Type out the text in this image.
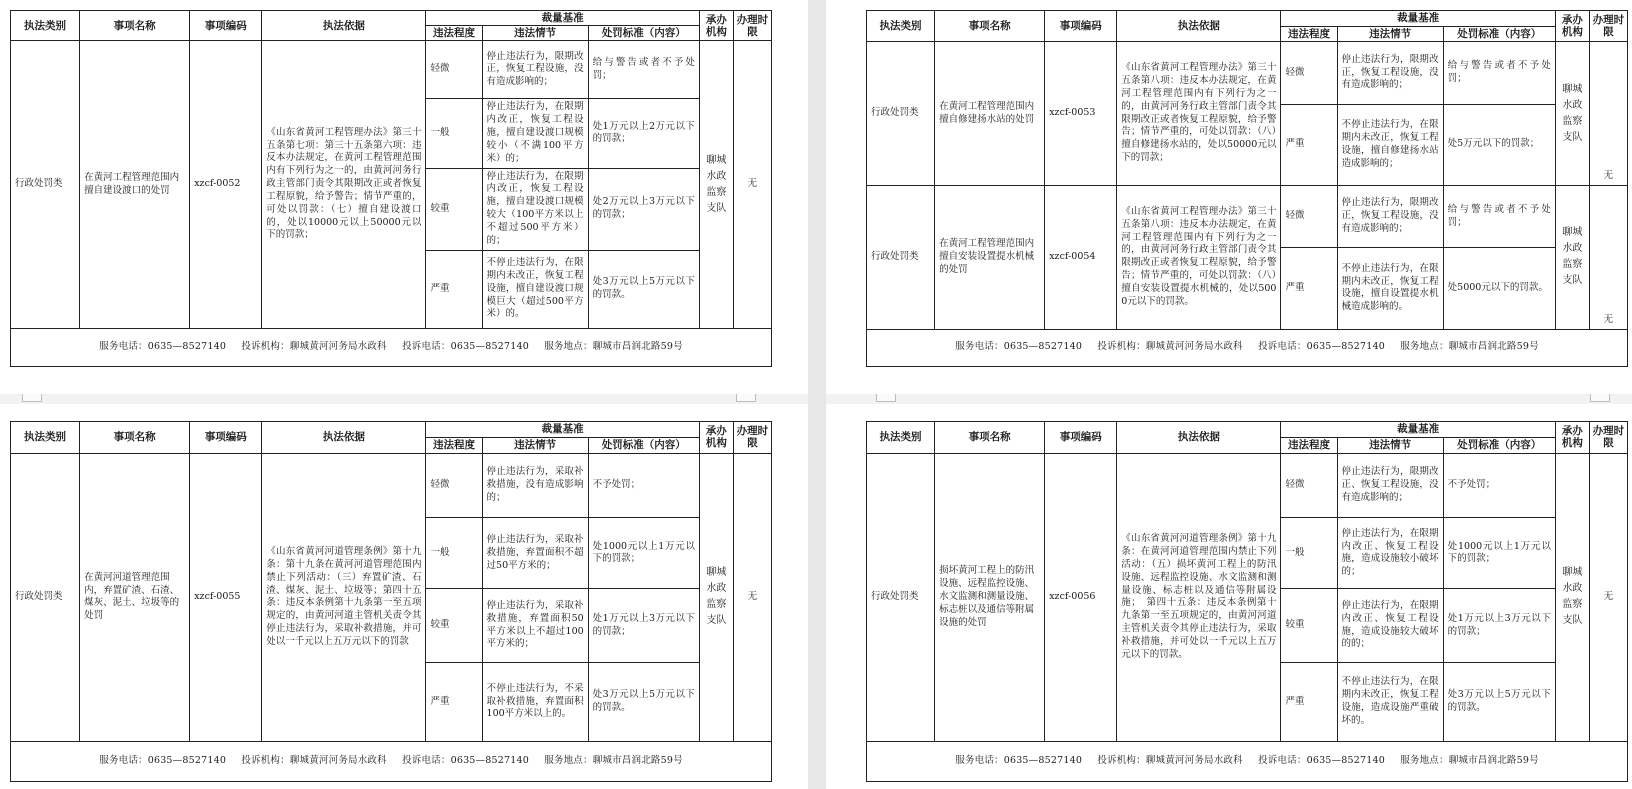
执法类别	事项名称	事项编码	执法依据	裁量基准			承办机构	办理时限
				违法程度	违法情节	处罚标准（内容）		
行政处罚类	在黄河工程管理范围内擅自建设渡口的处罚	xzcf-0052	《山东省黄河工程管理办法》第三十五条第七项：第三十五条第六项：违反本办法规定，在黄河工程管理范围内有下列行为之一的，由黄河河务行政主管部门责令其限期改正或者恢复工程原貌，给予警告；情节严重的，可处以罚款：（七）擅自建设渡口的，处以10000元以上50000元以下的罚款；	轻微	停止违法行为，限期改正，恢复工程设施，没有造成影响的；	给与警告或者不予处罚；	聊城水政监察支队	无
				一般	停止违法行为，在限期内改正，恢复工程设施，擅自建设渡口规模较小（不满100平方米）的；	处1万元以上2万元以下的罚款；		
				较重	停止违法行为，在限期内改正，恢复工程设施，擅自建设渡口规模较大（100平方米以上不超过500平方米）的；	处2万元以上3万元以下的罚款；		
				严重	不停止违法行为，在限期内未改正，恢复工程设施，擅自建设渡口规模巨大（超过500平方米）的。	处3万元以上5万元以下的罚款。		
服务电话：0635—8527140 投诉机构：聊城黄河河务局水政科 投诉电话：0635—8527140 服务地点：聊城市昌润北路59号								
执法类别	事项名称	事项编码	执法依据	裁量基准			承办机构	办理时限
				违法程度	违法情节	处罚标准（内容）		
行政处罚类	在黄河工程管理范围内擅自修建扬水站的处罚	xzcf-0053	《山东省黄河工程管理办法》第三十五条第八项：违反本办法规定，在黄河工程管理范围内有下列行为之一的，由黄河河务行政主管部门责令其限期改正或者恢复工程原貌，给予警告；情节严重的，可处以罚款：（八）擅自修建扬水站的，处以50000元以下的罚款；	轻微	停止违法行为，限期改正，恢复工程设施，没有造成影响的；	给与警告或者不予处罚；	聊城水政监察支队	无
				严重	不停止违法行为，在限期内未改正，恢复工程设施，擅自修建扬水站造成影响的；	处5万元以下的罚款；		
行政处罚类	在黄河工程管理范围内擅自安装设置提水机械的处罚	xzcf-0054	《山东省黄河工程管理办法》第三十五条第八项：违反本办法规定，在黄河工程管理范围内有下列行为之一的，由黄河河务行政主管部门责令其限期改正或者恢复工程原貌，给予警告；情节严重的，可处以罚款：（八）擅自安装设置提水机械的，处以5000元以下的罚款。	轻微	停止违法行为，限期改正，恢复工程设施，没有造成影响的；	给与警告或者不予处罚；	聊城水政监察支队	无
				严重	不停止违法行为，在限期内未改正，恢复工程设施，擅自设置提水机械造成影响的。	处5000元以下的罚款。		
服务电话：0635—8527140 投诉机构：聊城黄河河务局水政科 投诉电话：0635—8527140 服务地点：聊城市昌润北路59号								
执法类别	事项名称	事项编码	执法依据	裁量基准			承办机构	办理时限
				违法程度	违法情节	处罚标准（内容）		
行政处罚类	在黄河河道管理范围内，弃置矿渣、石渣、煤灰、泥土、垃圾等的处罚	xzcf-0055	《山东省黄河河道管理条例》第十九条：第十九条在黄河河道管理范围内禁止下列活动：（三）弃置矿渣、石渣、煤灰、泥土、垃圾等；第四十五条：违反本条例第十九条第一至五项规定的，由黄河河道主管机关责令其停止违法行为，采取补救措施，并可处以一千元以上五万元以下的罚款	轻微	停止违法行为，采取补救措施，没有造成影响的；	不予处罚；	聊城水政监察支队	无
				一般	停止违法行为，采取补救措施，弃置面积不超过50平方米的；	处1000元以上1万元以下的罚款；		
				较重	停止违法行为，采取补救措施，弃置面积50平方米以上不超过100平方米的；	处1万元以上3万元以下的罚款；		
				严重	不停止违法行为，不采取补救措施，弃置面积100平方米以上的。	处3万元以上5万元以下的罚款。		
服务电话：0635—8527140 投诉机构：聊城黄河河务局水政科 投诉电话：0635—8527140 服务地点：聊城市昌润北路59号								
执法类别	事项名称	事项编码	执法依据	裁量基准			承办机构	办理时限
				违法程度	违法情节	处罚标准（内容）		
行政处罚类	损坏黄河工程上的防汛设施、远程监控设施、水文监测和测量设施、标志桩以及通信等附属设施的处罚	xzcf-0056	《山东省黄河河道管理条例》第十九条：在黄河河道管理范围内禁止下列活动：（五）损坏黄河工程上的防汛设施、远程监控设施、水文监测和测量设施、标志桩以及通信等附属设施；　第四十五条：违反本条例第十九条第一至五项规定的，由黄河河道主管机关责令其停止违法行为，采取补救措施，并可处以一千元以上五万元以下的罚款。	轻微	停止违法行为，限期改正、恢复工程设施，没有造成影响的；	不予处罚；	聊城水政监察支队	无
				一般	停止违法行为，在限期内改正、恢复工程设施，造成设施较小破坏的；	处1000元以上1万元以下的罚款；		
				较重	停止违法行为，在限期内改正、恢复工程设施，造成设施较大破坏的的；	处1万元以上3万元以下的罚款；		
				严重	不停止违法行为，在限期内未改正，恢复工程设施，造成设施严重破坏的。	处3万元以上5万元以下的罚款。		
服务电话：0635—8527140 投诉机构：聊城黄河河务局水政科 投诉电话：0635—8527140 服务地点：聊城市昌润北路59号								
